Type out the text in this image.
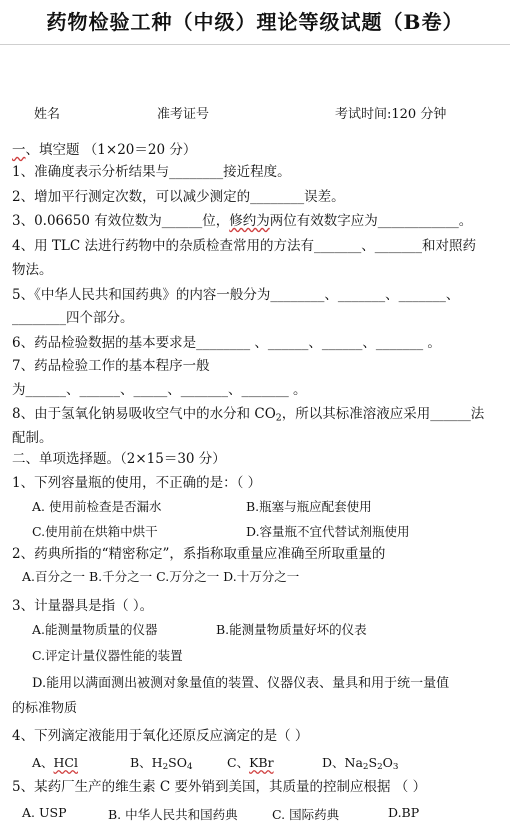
药物检验工种（中级）理论等级试题（B卷）
姓名	准考证号	考试时间:120 分钟
一、填空题 （1×20＝20 分）
1、准确度表示分析结果与________接近程度。
2、增加平行测定次数，可以减少测定的________误差。
3、0.06650 有效位数为______位，修约为两位有效数字应为____________。
4、用 TLC 法进行药物中的杂质检查常用的方法有_______、_______和对照药
物法。
5、《中华人民共和国药典》的内容一般分为________、_______、_______、
________四个部分。
6、药品检验数据的基本要求是________ 、______、______、_______ 。
7、药品检验工作的基本程序一般
为______、______、_____、_______、_______ 。
8、由于氢氧化钠易吸收空气中的水分和 $CO_2$，所以其标准溶液应采用______法
配制。
二、单项选择题。（2×15＝30 分）
1、下列容量瓶的使用，不正确的是：（ ）
A. 使用前检查是否漏水	B.瓶塞与瓶应配套使用
C.使用前在烘箱中烘干	D.容量瓶不宜代替试剂瓶使用
2、药典所指的“精密称定”，系指称取重量应准确至所取重量的
A.百分之一 B.千分之一 C.万分之一 D.十万分之一
3、计量器具是指（ ）。
A.能测量物质量的仪器	B.能测量物质量好坏的仪表
C.评定计量仪器性能的装置
D.能用以满面测出被测对象量值的装置、仪器仪表、量具和用于统一量值
的标准物质
4、下列滴定液能用于氧化还原反应滴定的是（ ）
A、HCl	B、$H_2SO_4$	C、KBr	D、$Na_2S_2O_3$
5、某药厂生产的维生素 C 要外销到美国，其质量的控制应根据 （ ）
A. USP	B. 中华人民共和国药典	C. 国际药典	D.BP
